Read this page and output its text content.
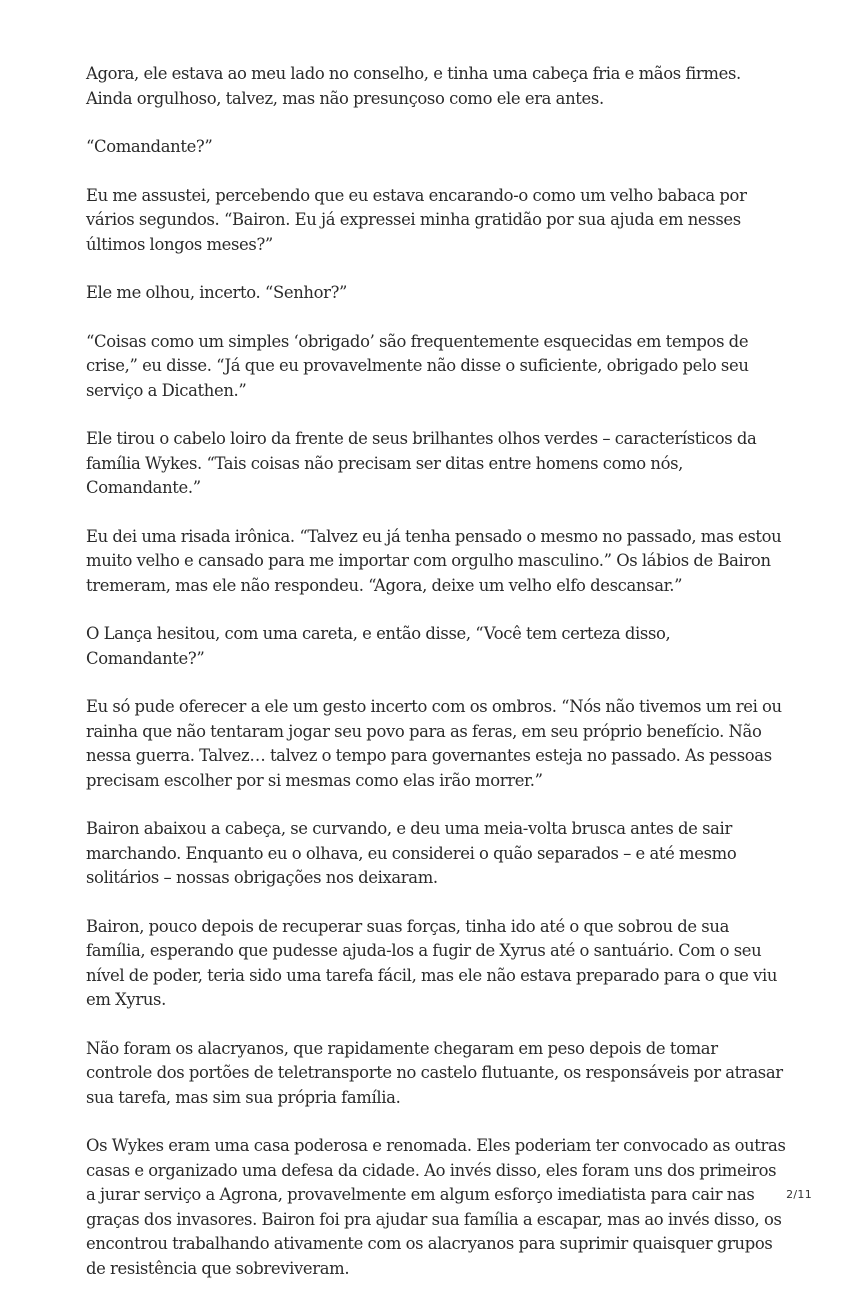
Agora, ele estava ao meu lado no conselho, e tinha uma cabeça fria e mãos firmes. Ainda orgulhoso, talvez, mas não presunçoso como ele era antes.

“Comandante?”

Eu me assustei, percebendo que eu estava encarando-o como um velho babaca por vários segundos. “Bairon. Eu já expressei minha gratidão por sua ajuda em nesses últimos longos meses?”

Ele me olhou, incerto. “Senhor?”

“Coisas como um simples ‘obrigado’ são frequentemente esquecidas em tempos de crise,” eu disse. “Já que eu provavelmente não disse o suficiente, obrigado pelo seu serviço a Dicathen.”

Ele tirou o cabelo loiro da frente de seus brilhantes olhos verdes – característicos da família Wykes. “Tais coisas não precisam ser ditas entre homens como nós, Comandante.”

Eu dei uma risada irônica. “Talvez eu já tenha pensado o mesmo no passado, mas estou muito velho e cansado para me importar com orgulho masculino.” Os lábios de Bairon tremeram, mas ele não respondeu. “Agora, deixe um velho elfo descansar.”

O Lança hesitou, com uma careta, e então disse, “Você tem certeza disso, Comandante?”

Eu só pude oferecer a ele um gesto incerto com os ombros. “Nós não tivemos um rei ou rainha que não tentaram jogar seu povo para as feras, em seu próprio benefício. Não nessa guerra. Talvez… talvez o tempo para governantes esteja no passado. As pessoas precisam escolher por si mesmas como elas irão morrer.”

Bairon abaixou a cabeça, se curvando, e deu uma meia-volta brusca antes de sair marchando. Enquanto eu o olhava, eu considerei o quão separados – e até mesmo solitários – nossas obrigações nos deixaram.

Bairon, pouco depois de recuperar suas forças, tinha ido até o que sobrou de sua família, esperando que pudesse ajuda-los a fugir de Xyrus até o santuário. Com o seu nível de poder, teria sido uma tarefa fácil, mas ele não estava preparado para o que viu em Xyrus.

Não foram os alacryanos, que rapidamente chegaram em peso depois de tomar controle dos portões de teletransporte no castelo flutuante, os responsáveis por atrasar sua tarefa, mas sim sua própria família.

Os Wykes eram uma casa poderosa e renomada. Eles poderiam ter convocado as outras casas e organizado uma defesa da cidade. Ao invés disso, eles foram uns dos primeiros a jurar serviço a Agrona, provavelmente em algum esforço imediatista para cair nas graças dos invasores. Bairon foi pra ajudar sua família a escapar, mas ao invés disso, os encontrou trabalhando ativamente com os alacryanos para suprimir quaisquer grupos de resistência que sobreviveram.

2/11
